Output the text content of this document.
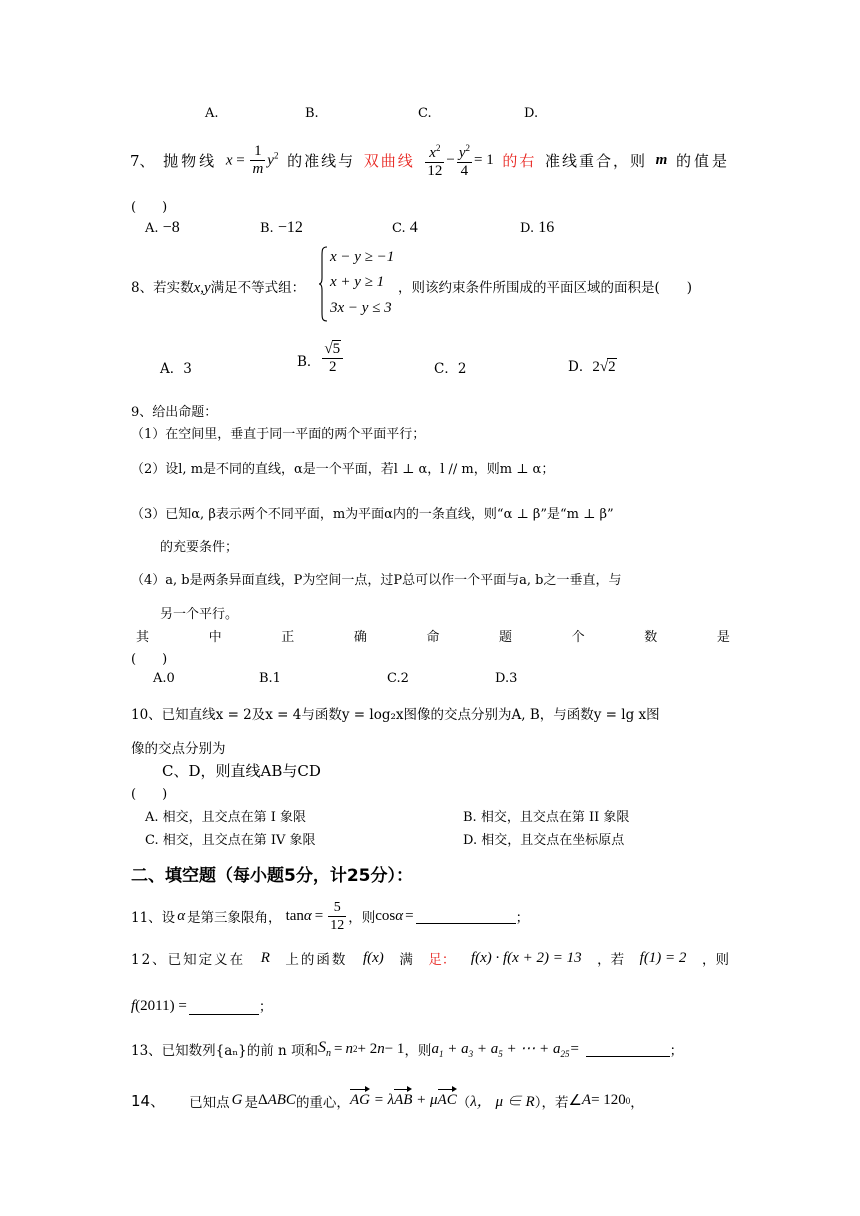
A.	B.	C.	D.
7、 抛物线 $x = \frac{1}{m} y^2$ 的准线与 双曲线 $\frac{x^2}{12} - \frac{y^2}{4} = 1$ 的右 准线重合，则 m 的值是
(　　)
A. −8	B. −12	C. 4	D. 16
8、若实数x,y满足不等式组：
x − y ≥ −1
x + y ≥ 1
3x − y ≤ 3
，则该约束条件所围成的平面区域的面积是(　　)
A．3	B． $\frac{√5}{2}$	C．2	D．2√2
9、给出命题：
（1）在空间里，垂直于同一平面的两个平面平行；
（2）设l, m是不同的直线，α是一个平面，若l ⊥ α，l // m，则m ⊥ α；
（3）已知α, β表示两个不同平面，m为平面α内的一条直线，则“α ⊥ β”是“m ⊥ β”
的充要条件；
（4）a, b是两条异面直线，P为空间一点，过P总可以作一个平面与a, b之一垂直，与
另一个平行。
其	中	正	确	命	题	个	数	是
(　　)
A.0	B.1	C.2	D.3
10、已知直线x = 2及x = 4与函数y = log₂x图像的交点分别为A, B，与函数y = lg x图
像的交点分别为
C、D，则直线AB与CD
(　　)
A. 相交，且交点在第 I 象限	B. 相交，且交点在第 II 象限
C. 相交，且交点在第 IV 象限	D. 相交，且交点在坐标原点
二、填空题（每小题5分，计25分）：
11、设 α 是第三象限角， $\tan \alpha = \frac{5}{12}$ ，则 cos α =	；
12、已知定义在 R 上的函数 f(x) 满 足： f(x) · f(x + 2) = 13 ，若 f(1) = 2 ，则
f (2011) =	；
13、已知数列{aₙ}的前 n 项和 $S_n = n$ 2 + 2 n − 1 ，则 $a_1 + a_3 + a_5$ + ⋯ + $a_{25}=$	；
14、 已知点 G 是 Δ ABC 的重心， AG = λAB + μAC （ λ， μ ∈ R ），若 ∠ A = 120 0 ，
